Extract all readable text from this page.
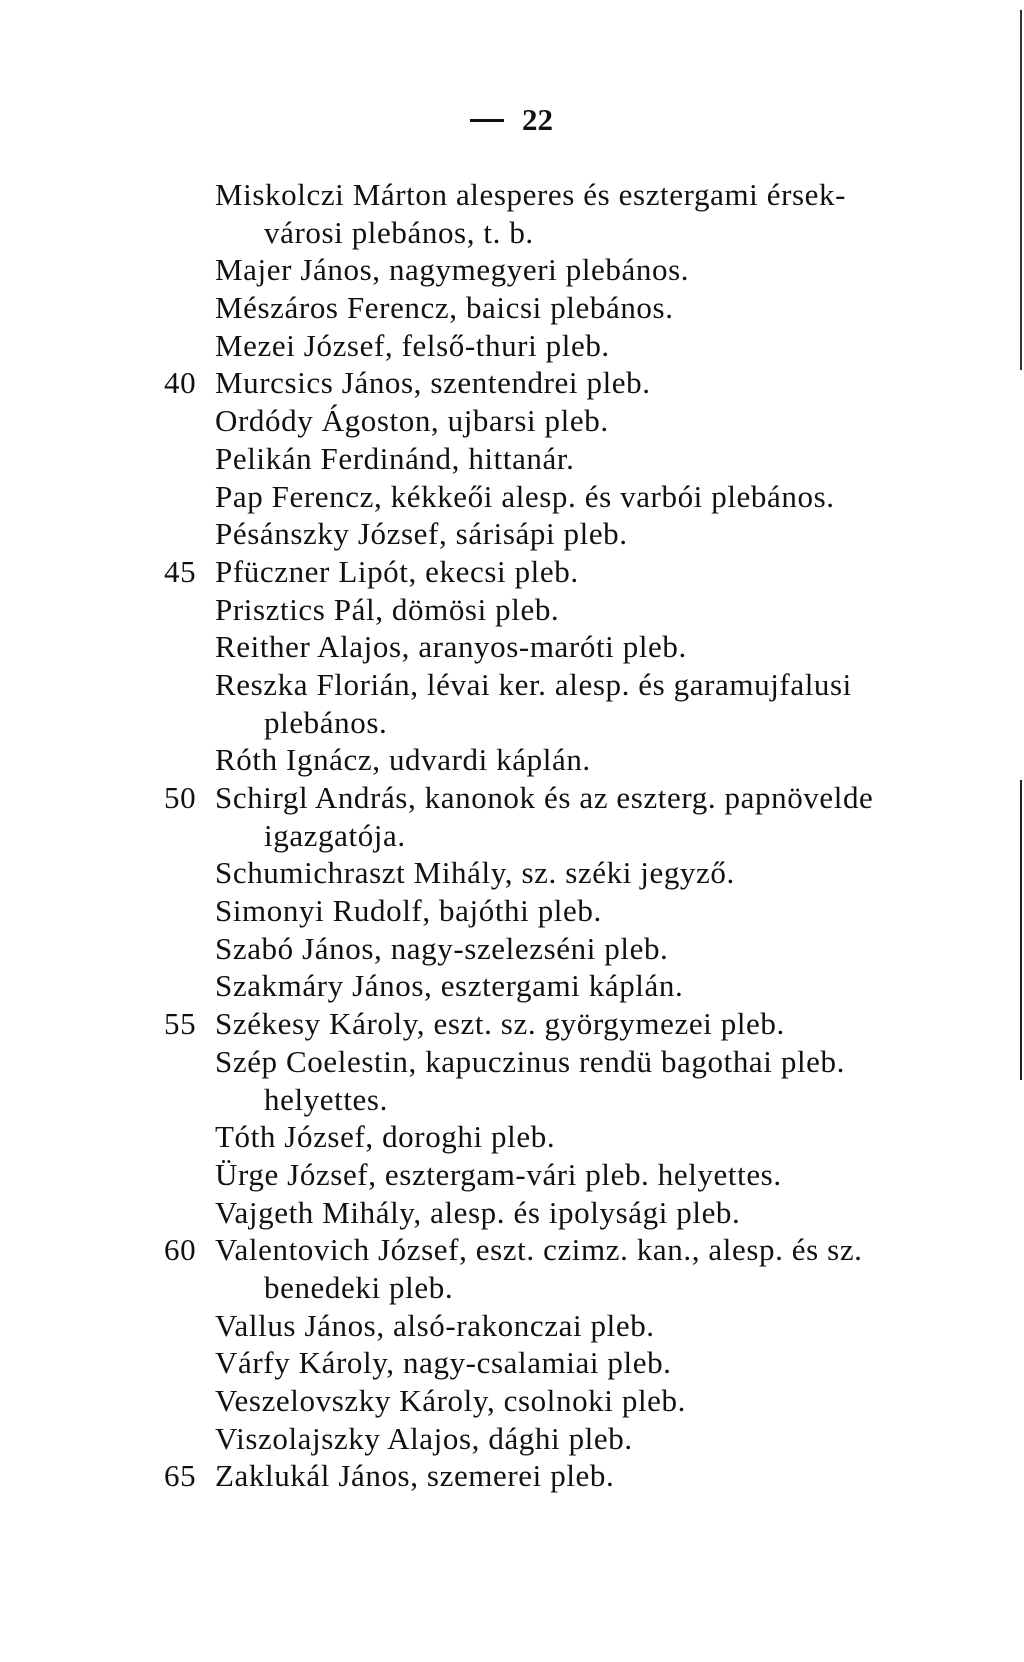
22
Miskolczi Márton alesperes és esztergami érsek-
városi plebános, t. b.
Majer János, nagymegyeri plebános.
Mészáros Ferencz, baicsi plebános.
Mezei József, felső-thuri pleb.
40 Murcsics János, szentendrei pleb.
Ordódy Ágoston, ujbarsi pleb.
Pelikán Ferdinánd, hittanár.
Pap Ferencz, kékkeői alesp. és varbói plebános.
Pésánszky József, sárisápi pleb.
45 Pfüczner Lipót, ekecsi pleb.
Prisztics Pál, dömösi pleb.
Reither Alajos, aranyos-maróti pleb.
Reszka Florián, lévai ker. alesp. és garamujfalusi
plebános.
Róth Ignácz, udvardi káplán.
50 Schirgl András, kanonok és az eszterg. papnövelde
igazgatója.
Schumichraszt Mihály, sz. széki jegyző.
Simonyi Rudolf, bajóthi pleb.
Szabó János, nagy-szelezséni pleb.
Szakmáry János, esztergami káplán.
55 Székesy Károly, eszt. sz. györgymezei pleb.
Szép Coelestin, kapuczinus rendü bagothai pleb.
helyettes.
Tóth József, doroghi pleb.
Ürge József, esztergam-vári pleb. helyettes.
Vajgeth Mihály, alesp. és ipolysági pleb.
60 Valentovich József, eszt. czimz. kan., alesp. és sz.
benedeki pleb.
Vallus János, alsó-rakonczai pleb.
Várfy Károly, nagy-csalamiai pleb.
Veszelovszky Károly, csolnoki pleb.
Viszolajszky Alajos, dághi pleb.
65 Zaklukál János, szemerei pleb.
